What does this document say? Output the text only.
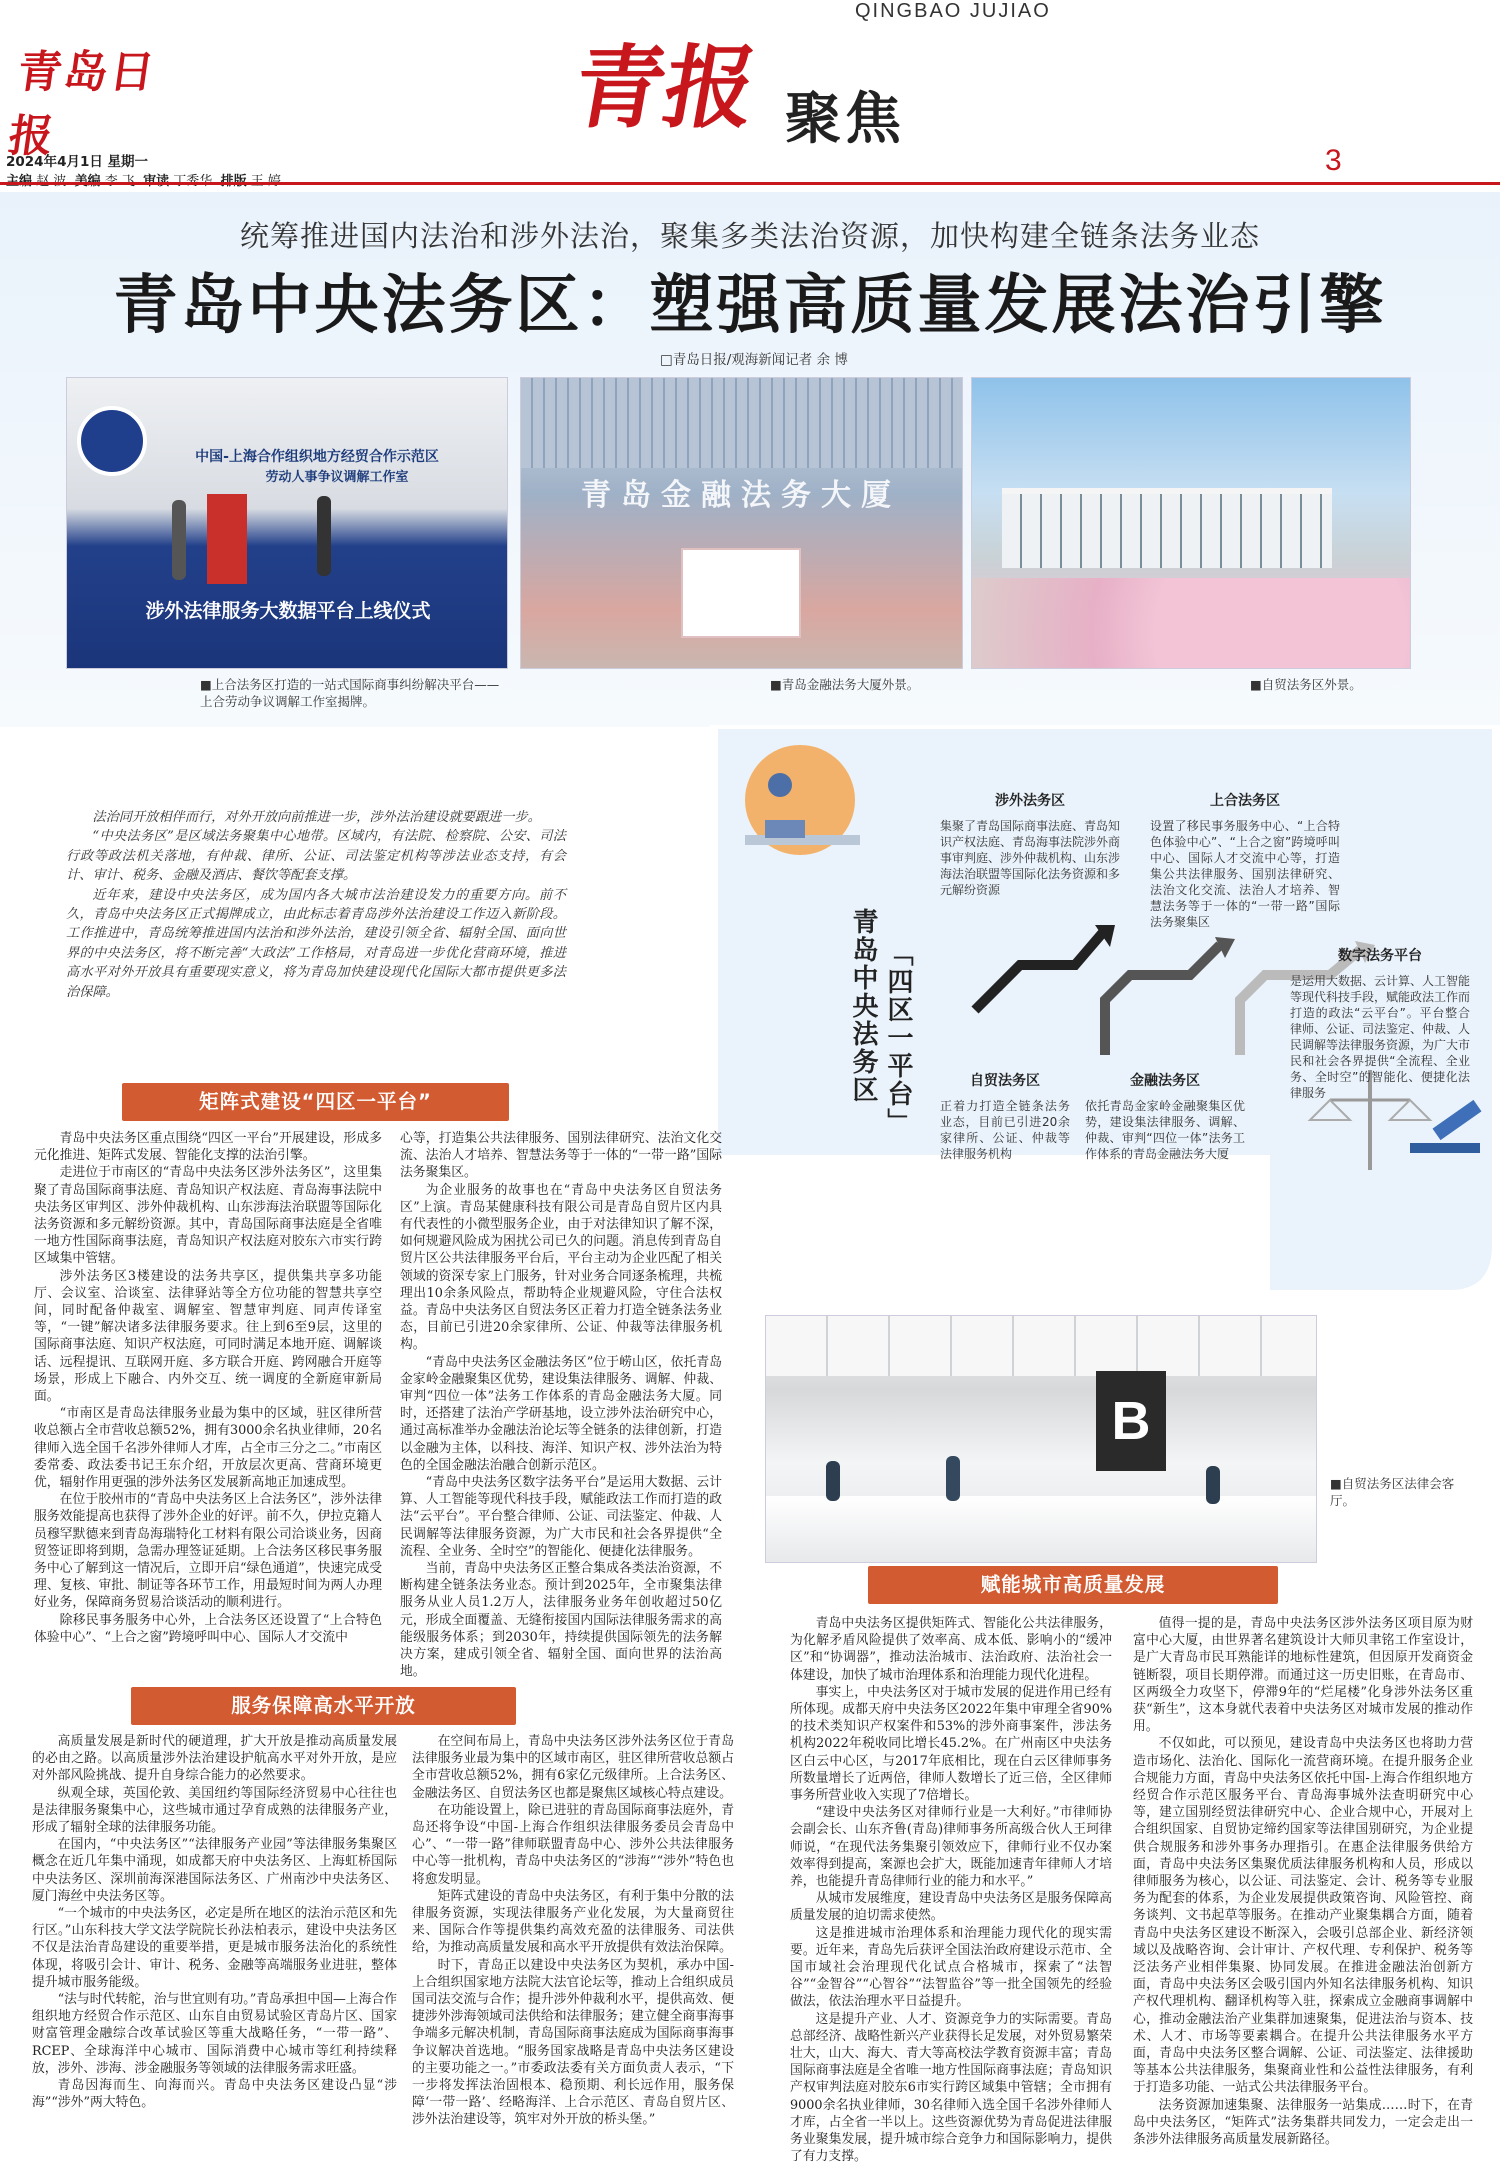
QINGBAO JUJIAO
青岛日报	青报 聚焦
2024年4月1日 星期一
	3
统筹推进国内法治和涉外法治，聚集多类法治资源，加快构建全链条法务业态
青岛中央法务区：塑强高质量发展法治引擎
□青岛日报/观海新闻记者 余 博
中国-上海合作组织地方经贸合作示范区
劳动人事争议调解工作室
涉外法律服务大数据平台上线仪式
青岛金融法务大厦
■上合法务区打造的一站式国际商事纠纷解决平台——上合劳动争议调解工作室揭牌。
■青岛金融法务大厦外景。	■自贸法务区外景。

法治同开放相伴而行，对外开放向前推进一步，涉外法治建设就要跟进一步。

“中央法务区”是区域法务聚集中心地带。区域内，有法院、检察院、公安、司法行政等政法机关落地，有仲裁、律所、公证、司法鉴定机构等涉法业态支持，有会计、审计、税务、金融及酒店、餐饮等配套支撑。

近年来，建设中央法务区，成为国内各大城市法治建设发力的重要方向。前不久，青岛中央法务区正式揭牌成立，由此标志着青岛涉外法治建设工作迈入新阶段。工作推进中，青岛统筹推进国内法治和涉外法治，建设引领全省、辐射全国、面向世界的中央法务区，将不断完善“大政法”工作格局，对青岛进一步优化营商环境，推进高水平对外开放具有重要现实意义，将为青岛加快建设现代化国际大都市提供更多法治保障。	青岛中央法务区 「四区一平台」
涉外法务区
集聚了青岛国际商事法庭、青岛知识产权法庭、青岛海事法院涉外商事审判庭、涉外仲裁机构、山东涉海法治联盟等国际化法务资源和多元解纷资源
上合法务区
设置了移民事务服务中心、“上合特色体验中心”、“上合之窗”跨境呼叫中心、国际人才交流中心等，打造集公共法律服务、国别法律研究、法治文化交流、法治人才培养、智慧法务等于一体的“一带一路”国际法务聚集区
数字法务平台
是运用大数据、云计算、人工智能等现代科技手段，赋能政法工作而打造的政法“云平台”。平台整合律师、公证、司法鉴定、仲裁、人民调解等法律服务资源，为广大市民和社会各界提供“全流程、全业务、全时空”的智能化、便捷化法律服务
自贸法务区
正着力打造全链条法务业态，目前已引进20余家律所、公证、仲裁等法律服务机构
金融法务区
依托青岛金家岭金融聚集区优势，建设集法律服务、调解、仲裁、审判“四位一体”法务工作体系的青岛金融法务大厦
矩阵式建设“四区一平台”

青岛中央法务区重点围绕“四区一平台”开展建设，形成多元化推进、矩阵式发展、智能化支撑的法治引擎。

走进位于市南区的“青岛中央法务区涉外法务区”，这里集聚了青岛国际商事法庭、青岛知识产权法庭、青岛海事法院中央法务区审判区、涉外仲裁机构、山东涉海法治联盟等国际化法务资源和多元解纷资源。其中，青岛国际商事法庭是全省唯一地方性国际商事法庭，青岛知识产权法庭对胶东六市实行跨区域集中管辖。

涉外法务区3楼建设的法务共享区，提供集共享多功能厅、会议室、洽谈室、法律驿站等全方位功能的智慧共享空间，同时配备仲裁室、调解室、智慧审判庭、同声传译室等，“一键”解决诸多法律服务要求。往上到6至9层，这里的国际商事法庭、知识产权法庭，可同时满足本地开庭、调解谈话、远程提讯、互联网开庭、多方联合开庭、跨网融合开庭等场景，形成上下融合、内外交互、统一调度的全新庭审新局面。

“市南区是青岛法律服务业最为集中的区域，驻区律所营收总额占全市营收总额52%，拥有3000余名执业律师，20名律师入选全国千名涉外律师人才库，占全市三分之二。”市南区委常委、政法委书记王东介绍，开放层次更高、营商环境更优，辐射作用更强的涉外法务区发展新高地正加速成型。

在位于胶州市的“青岛中央法务区上合法务区”，涉外法律服务效能提高也获得了涉外企业的好评。前不久，伊拉克籍人员穆罕默德来到青岛海瑞特化工材料有限公司洽谈业务，因商贸签证即将到期，急需办理签证延期。上合法务区移民事务服务中心了解到这一情况后，立即开启“绿色通道”，快速完成受理、复核、审批、制证等各环节工作，用最短时间为两人办理好业务，保障商务贸易洽谈活动的顺利进行。

除移民事务服务中心外，上合法务区还设置了“上合特色体验中心”、“上合之窗”跨境呼叫中心、国际人才交流中

心等，打造集公共法律服务、国别法律研究、法治文化交流、法治人才培养、智慧法务等于一体的“一带一路”国际法务聚集区。

为企业服务的故事也在“青岛中央法务区自贸法务区”上演。青岛某健康科技有限公司是青岛自贸片区内具有代表性的小微型服务企业，由于对法律知识了解不深，如何规避风险成为困扰公司已久的问题。消息传到青岛自贸片区公共法律服务平台后，平台主动为企业匹配了相关领域的资深专家上门服务，针对业务合同逐条梳理，共梳理出10余条风险点，帮助特企业规避风险，守住合法权益。青岛中央法务区自贸法务区正着力打造全链条法务业态，目前已引进20余家律所、公证、仲裁等法律服务机构。

“青岛中央法务区金融法务区”位于崂山区，依托青岛金家岭金融聚集区优势，建设集法律服务、调解、仲裁、审判“四位一体”法务工作体系的青岛金融法务大厦。同时，还搭建了法治产学研基地，设立涉外法治研究中心，通过高标准举办金融法治论坛等全链条的法律创新，打造以金融为主体，以科技、海洋、知识产权、涉外法治为特色的全国金融法治融合创新示范区。

“青岛中央法务区数字法务平台”是运用大数据、云计算、人工智能等现代科技手段，赋能政法工作而打造的政法“云平台”。平台整合律师、公证、司法鉴定、仲裁、人民调解等法律服务资源，为广大市民和社会各界提供“全流程、全业务、全时空”的智能化、便捷化法律服务。

当前，青岛中央法务区正整合集成各类法治资源，不断构建全链条法务业态。预计到2025年，全市聚集法律服务从业人员1.2万人，法律服务业务年创收超过50亿元，形成全面覆盖、无缝衔接国内国际法律服务需求的高能级服务体系；到2030年，持续提供国际领先的法务解决方案，建成引领全省、辐射全国、面向世界的法治高地。

B
■自贸法务区法律会客厅。
服务保障高水平开放

高质量发展是新时代的硬道理，扩大开放是推动高质量发展的必由之路。以高质量涉外法治建设护航高水平对外开放，是应对外部风险挑战、提升自身综合能力的必然要求。

纵观全球，英国伦敦、美国纽约等国际经济贸易中心往往也是法律服务聚集中心，这些城市通过孕育成熟的法律服务产业，形成了辐射全球的法律服务功能。

在国内，“中央法务区”“法律服务产业园”等法律服务集聚区概念在近几年集中涌现，如成都天府中央法务区、上海虹桥国际中央法务区、深圳前海深港国际法务区、广州南沙中央法务区、厦门海丝中央法务区等。

“一个城市的中央法务区，必定是所在地区的法治示范区和先行区。”山东科技大学文法学院院长孙法柏表示，建设中央法务区不仅是法治青岛建设的重要举措，更是城市服务法治化的系统性体现，将吸引会计、审计、税务、金融等高端服务业进驻，整体提升城市服务能级。

“法与时代转舵，治与世宜则有功。”青岛承担中国—上海合作组织地方经贸合作示范区、山东自由贸易试验区青岛片区、国家财富管理金融综合改革试验区等重大战略任务，“一带一路”、RCEP、全球海洋中心城市、国际消费中心城市等红利持续释放，涉外、涉海、涉金融服务等领域的法律服务需求旺盛。

青岛因海而生、向海而兴。青岛中央法务区建设凸显“涉海”“涉外”两大特色。

在空间布局上，青岛中央法务区涉外法务区位于青岛法律服务业最为集中的区域市南区，驻区律所营收总额占全市营收总额52%，拥有6家亿元级律所。上合法务区、金融法务区、自贸法务区也都是聚焦区域核心特点建设。

在功能设置上，除已进驻的青岛国际商事法庭外，青岛还将争设“中国-上海合作组织法律服务委员会青岛中心”、“一带一路”律师联盟青岛中心、涉外公共法律服务中心等一批机构，青岛中央法务区的“涉海”“涉外”特色也将愈发明显。

矩阵式建设的青岛中央法务区，有利于集中分散的法律服务资源，实现法律服务产业化发展，为大量商贸往来、国际合作等提供集约高效充盈的法律服务、司法供给，为推动高质量发展和高水平开放提供有效法治保障。

时下，青岛正以建设中央法务区为契机，承办中国-上合组织国家地方法院大法官论坛等，推动上合组织成员国司法交流与合作；提升涉外仲裁利水平，提供高效、便捷涉外涉海领域司法供给和法律服务；建立健全商事海事争端多元解决机制，青岛国际商事法庭成为国际商事海事争议解决首选地。“服务国家战略是青岛中央法务区建设的主要功能之一。”市委政法委有关方面负责人表示，“下一步将发挥法治固根本、稳预期、利长远作用，服务保障‘一带一路’、经略海洋、上合示范区、青岛自贸片区、涉外法治建设等，筑牢对外开放的桥头堡。”

赋能城市高质量发展

青岛中央法务区提供矩阵式、智能化公共法律服务，为化解矛盾风险提供了效率高、成本低、影响小的“缓冲区”和“协调器”，推动法治城市、法治政府、法治社会一体建设，加快了城市治理体系和治理能力现代化进程。

事实上，中央法务区对于城市发展的促进作用已经有所体现。成都天府中央法务区2022年集中审理全省90%的技术类知识产权案件和53%的涉外商事案件，涉法务机构2022年税收同比增长45.2%。在广州南区中央法务区白云中心区，与2017年底相比，现在白云区律师事务所数量增长了近两倍，律师人数增长了近三倍，全区律师事务所营业收入实现了7倍增长。

“建设中央法务区对律师行业是一大利好。”市律师协会副会长、山东齐鲁(青岛)律师事务所高级合伙人王珂律师说，“在现代法务集聚引领效应下，律师行业不仅办案效率得到提高，案源也会扩大，既能加速青年律师人才培养，也能提升青岛律师行业的能力和水平。”

从城市发展维度，建设青岛中央法务区是服务保障高质量发展的迫切需求使然。

这是推进城市治理体系和治理能力现代化的现实需要。近年来，青岛先后获评全国法治政府建设示范市、全国市域社会治理现代化试点合格城市，探索了“法智谷”“金智谷”“心智谷”“法智监谷”等一批全国领先的经验做法，依法治理水平日益提升。

这是提升产业、人才、资源竞争力的实际需要。青岛总部经济、战略性新兴产业获得长足发展，对外贸易繁荣壮大，山大、海大、青大等高校法学教育资源丰富；青岛国际商事法庭是全省唯一地方性国际商事法庭；青岛知识产权审判法庭对胶东6市实行跨区域集中管辖；全市拥有9000余名执业律师，30名律师入选全国千名涉外律师人才库，占全省一半以上。这些资源优势为青岛促进法律服务业聚集发展，提升城市综合竞争力和国际影响力，提供了有力支撑。

值得一提的是，青岛中央法务区涉外法务区项目原为财富中心大厦，由世界著名建筑设计大师贝聿铭工作室设计，是广大青岛市民耳熟能详的地标性建筑，但因原开发商资金链断裂，项目长期停滞。而通过这一历史旧账，在青岛市、区两级全力攻坚下，停滞9年的“烂尾楼”化身涉外法务区重获“新生”，这本身就代表着中央法务区对城市发展的推动作用。

不仅如此，可以预见，建设青岛中央法务区也将助力营造市场化、法治化、国际化一流营商环境。在提升服务企业合规能力方面，青岛中央法务区依托中国-上海合作组织地方经贸合作示范区服务平台、青岛海事城外法查明研究中心等，建立国别经贸法律研究中心、企业合规中心，开展对上合组织国家、自贸协定缔约国家等法律国别研究，为企业提供合规服务和涉外事务办理指引。在惠企法律服务供给方面，青岛中央法务区集聚优质法律服务机构和人员，形成以律师服务为核心，以公证、司法鉴定、会计、税务等专业服务为配套的体系，为企业发展提供政策咨询、风险管控、商务谈判、文书起草等服务。在推动产业聚集耦合方面，随着青岛中央法务区建设不断深入，会吸引总部企业、新经济领域以及战略咨询、会计审计、产权代理、专利保护、税务等泛法务产业相伴集聚、协同发展。在推进金融法治创新方面，青岛中央法务区会吸引国内外知名法律服务机构、知识产权代理机构、翻译机构等入驻，探索成立金融商事调解中心，推动金融法治产业集群加速聚集，促进法治与资本、技术、人才、市场等要素耦合。在提升公共法律服务水平方面，青岛中央法务区整合调解、公证、司法鉴定、法律援助等基本公共法律服务，集聚商业性和公益性法律服务，有利于打造多功能、一站式公共法律服务平台。

法务资源加速集聚、法律服务一站集成……时下，在青岛中央法务区，“矩阵式”法务集群共同发力，一定会走出一条涉外法律服务高质量发展新路径。
